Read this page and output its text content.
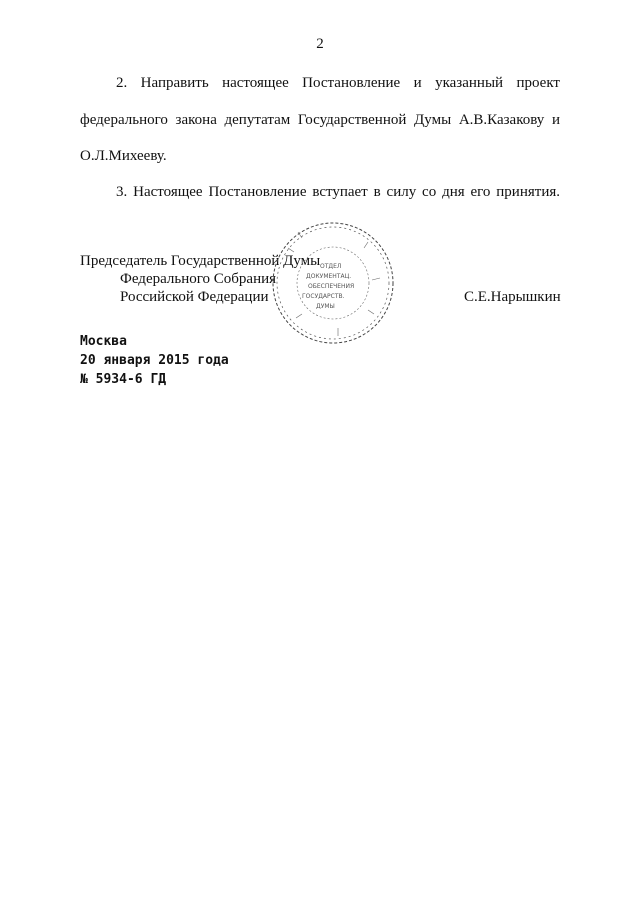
2
2. Направить настоящее Постановление и указанный проект
федерального закона депутатам Государственной Думы А.В.Казакову и
О.Л.Михееву.
3. Настоящее Постановление вступает в силу со дня его принятия.
Председатель Государственной Думы
Федерального Собрания
Российской Федерации	С.Е.Нарышкин
ОТДЕЛ
ДОКУМЕНТАЦ.
ОБЕСПЕЧЕНИЯ
ГОСУДАРСТВ.
ДУМЫ
Москва
20 января 2015 года
№ 5934-6 ГД
